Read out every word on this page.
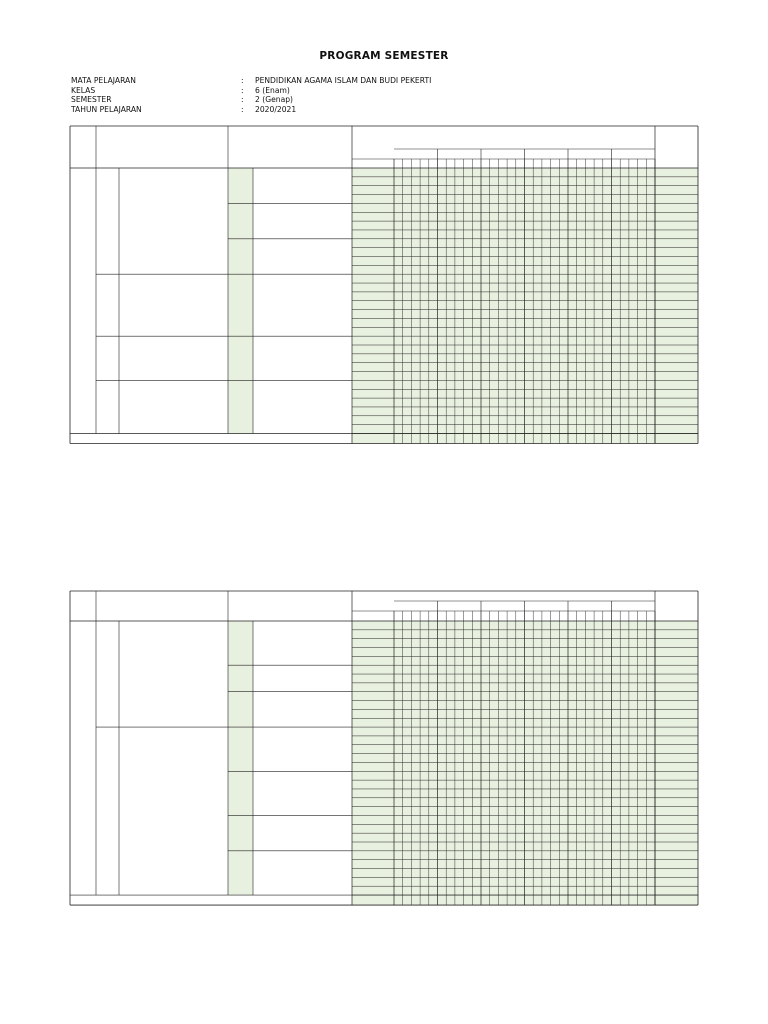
PROGRAM SEMESTER
MATA PELAJARAN	:	PENDIDIKAN AGAMA ISLAM DAN BUDI PEKERTI
KELAS	:	6 (Enam)
SEMESTER	:	2 (Genap)
TAHUN PELAJARAN	:	2020/2021
